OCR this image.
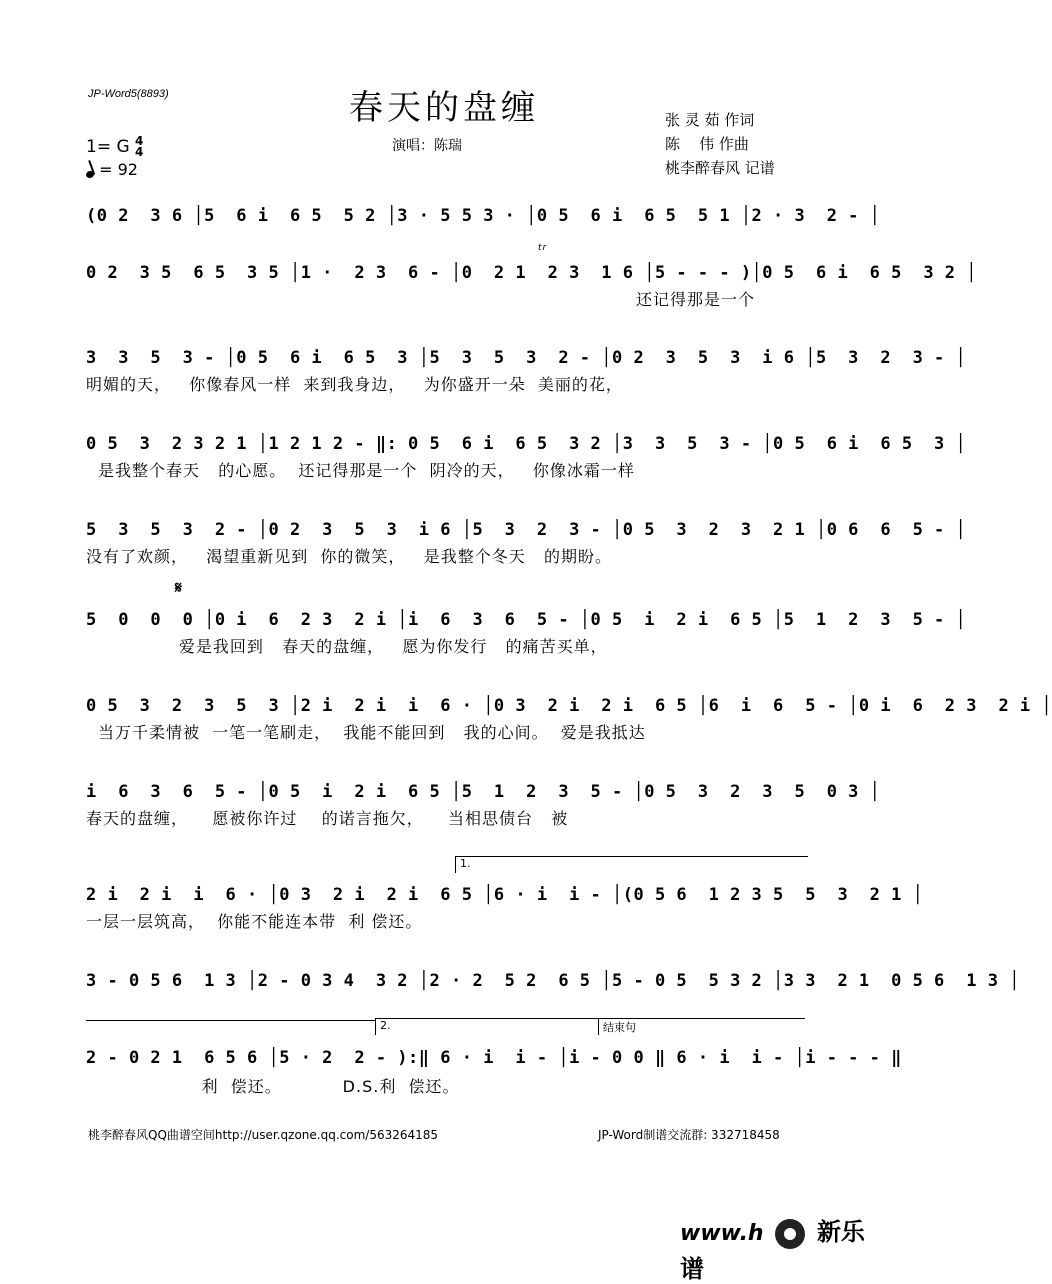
JP-Word5(8893)	春天的盘缠
演唱：陈瑞
张 灵 茹 作词
陈    伟 作曲
桃李醉春风 记谱
1= G 4
4
= 92
(0 2  3 6 │5  6 i  6 5  5 2 │3 · 5 5 3 · │0 5  6 i  6 5  5 1 │2 · 3  2 - │
0 2  3 5  6 5  3 5 │1 ·  2 3  6 - │0  2 1  2 3  1 6 │5 - - - )│0 5  6 i  6 5  3 2 │
还记得那是一个
tr
3  3  5  3 - │0 5  6 i  6 5  3 │5  3  5  3  2 - │0 2  3  5  3  i 6 │5  3  2  3 - │
明媚的天，   你像春风一样  来到我身边，   为你盛开一朵  美丽的花，
0 5  3  2 3 2 1 │1 2 1 2 - ‖: 0 5  6 i  6 5  3 2 │3  3  5  3 - │0 5  6 i  6 5  3 │
是我整个春天   的心愿。  还记得那是一个  阴冷的天，   你像冰霜一样
5  3  5  3  2 - │0 2  3  5  3  i 6 │5  3  2  3 - │0 5  3  2  3  2 1 │0 6  6  5 - │
没有了欢颜，   渴望重新见到  你的微笑，   是我整个冬天   的期盼。
𝄋
5  0  0  0 │0 i  6  2 3  2 i │i  6  3  6  5 - │0 5  i  2 i  6 5 │5  1  2  3  5 - │
爱是我回到   春天的盘缠，   愿为你发行   的痛苦买单，
0 5  3  2  3  5  3 │2 i  2 i  i  6 · │0 3  2 i  2 i  6 5 │6  i  6  5 - │0 i  6  2 3  2 i │
当万千柔情被  一笔一笔刷走，  我能不能回到   我的心间。  爱是我抵达
i  6  3  6  5 - │0 5  i  2 i  6 5 │5  1  2  3  5 - │0 5  3  2  3  5  0 3 │
春天的盘缠，    愿被你许过    的诺言拖欠，    当相思债台   被
1.
2 i  2 i  i  6 · │0 3  2 i  2 i  6 5 │6 · i  i - │(0 5 6  1 2 3 5  5  3  2 1 │
一层一层筑高，  你能不能连本带  利 偿还。
3 - 0 5 6  1 3 │2 - 0 3 4  3 2 │2 · 2  5 2  6 5 │5 - 0 5  5 3 2 │3 3  2 1  0 5 6  1 3 │
2.	结束句
2 - 0 2 1  6 5 6 │5 · 2  2 - ):‖ 6 · i  i - │i - 0 0 ‖ 6 · i  i - │i - - - ‖
利  偿还。          D.S.利  偿还。
桃李醉春风QQ曲谱空间http://user.qzone.qq.com/563264185	JP-Word制谱交流群: 332718458
www.h 新乐谱
